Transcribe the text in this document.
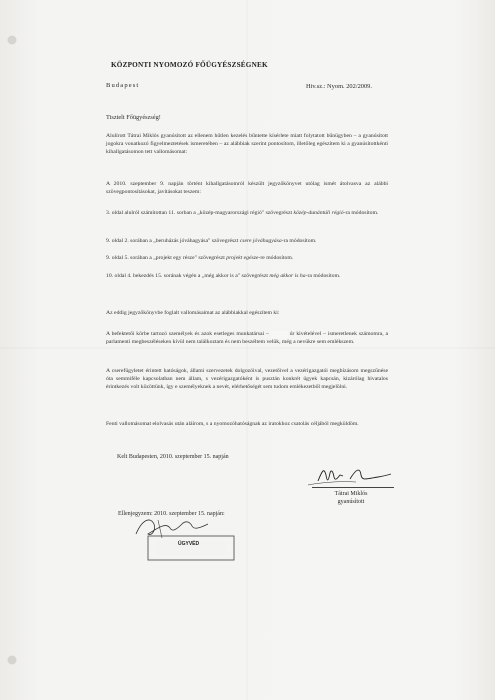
KÖZPONTI NYOMOZÓ FŐÜGYÉSZSÉGNEK
Budapest	Hiv.sz.: Nyom. 202/2009.
Tisztelt Főügyészség!
Alulírott Tátrai Miklós gyanúsított az ellenem hűtlen kezelés bűntette kísérlete miatt folytatott bűnügyben – a gyanúsított jogokra vonatkozó figyelmeztetések ismeretében – az alábbiak szerint pontosítom, illetőleg egészítem ki a gyanúsítottkénti kihallgatásomon tett vallomásomat:
A 2010. szeptember 9. napján történt kihallgatásomról készült jegyzőkönyvet utólag ismét átolvasva az alábbi szövegpontosításokat, javításokat teszem:
3. oldal alulról számítottan 11. sorban a „közép-magyarországi régió" szövegrészt közép-dunántúli régió-ra módosítom.
9. oldal 2. sorában a „beruházás jóváhagyása" szövegrészt csere jóváhagyása-ra módosítom.
9. oldal 5. sorában a „projekt egy része" szövegrészt projekt egésze-re módosítom.
10. oldal 4. bekezdés 15. sorának végén a „még akkor is a" szövegrészt még akkor is ha-ra módosítom.
Az eddig jegyzőkönyvbe foglalt vallomásaimat az alábbiakkal egészítem ki:
A befektetői körbe tartozó személyek és azok esetleges munkatársai –    	úr kivételével – ismeretlenek számomra, a parlamenti megbeszéléseken kívül nem találkoztam és nem beszéltem velük, még a nevükre sem emlékszem.
A cserefügyletet érintett hatóságok, állami szervezetek dolgozóival, vezetőivel a vezérigazgatói megbízásom megszűnése óta semmiféle kapcsolatban nem állam, s vezérigazgatóként is pusztán konkrét ügyek kapcsán, kizárólag hivatalos érintkezés volt közöttünk, így e személyeknek a nevét, elérhetőségét sem tudom emlékezetből megjelölni.
Fenti vallomásomat elolvasás után aláírom, s a nyomozóhatóságnak az iratokhoz csatolás céljából megküldöm.
Kelt Budapesten, 2010. szeptember 15. napján
Tátrai Miklós
gyanúsított
Ellenjegyzem: 2010. szeptember 15. napján:
ÜGYVÉD
